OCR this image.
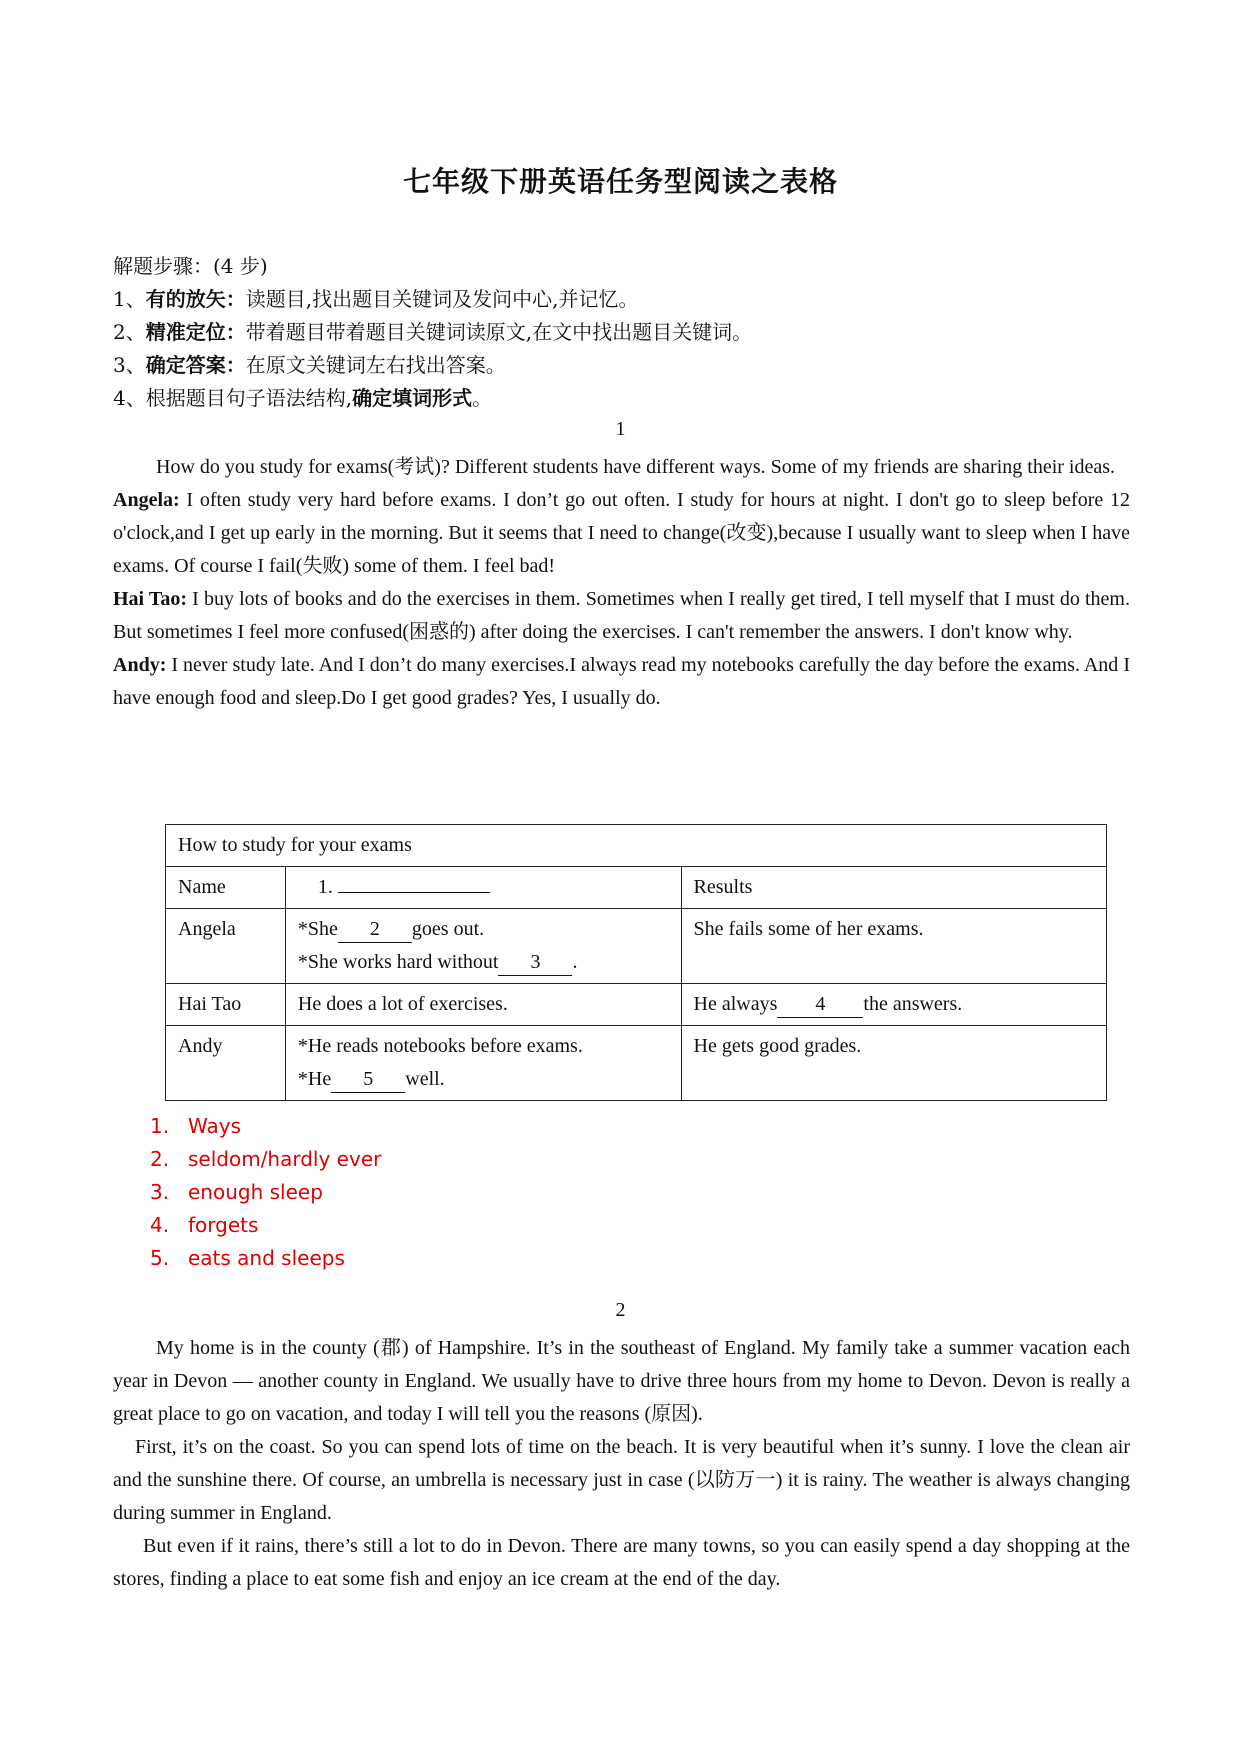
七年级下册英语任务型阅读之表格
解题步骤：(4 步)
1、有的放矢：读题目,找出题目关键词及发问中心,并记忆。
2、精准定位：带着题目带着题目关键词读原文,在文中找出题目关键词。
3、确定答案：在原文关键词左右找出答案。
4、根据题目句子语法结构,确定填词形式。
1

How do you study for exams(考试)? Different students have different ways. Some of my friends are sharing their ideas.

Angela: I often study very hard before exams. I don’t go out often. I study for hours at night. I don't go to sleep before 12 o'clock,and I get up early in the morning. But it seems that I need to change(改变),because I usually want to sleep when I have exams. Of course I fail(失败) some of them. I feel bad!

Hai Tao: I buy lots of books and do the exercises in them. Sometimes when I really get tired, I tell myself that I must do them. But sometimes I feel more confused(困惑的) after doing the exercises. I can't remember the answers. I don't know why.

Andy: I never study late. And I don’t do many exercises.I always read my notebooks carefully the day before the exams. And I have enough food and sleep.Do I get good grades? Yes, I usually do.

How to study for your exams		
Name	1.	Results
Angela	*She 2 goes out.
*She works hard without 3 .	She fails some of her exams.
Hai Tao	He does a lot of exercises.	He always 4 the answers.
Andy	*He reads notebooks before exams.
*He 5 well.	He gets good grades.
1. Ways
2. seldom/hardly ever
3. enough sleep
4. forgets
5. eats and sleeps
2

My home is in the county (郡) of Hampshire. It’s in the southeast of England. My family take a summer vacation each year in Devon — another county in England. We usually have to drive three hours from my home to Devon. Devon is really a great place to go on vacation, and today I will tell you the reasons (原因).

First, it’s on the coast. So you can spend lots of time on the beach. It is very beautiful when it’s sunny. I love the clean air and the sunshine there. Of course, an umbrella is necessary just in case (以防万一) it is rainy. The weather is always changing during summer in England.

But even if it rains, there’s still a lot to do in Devon. There are many towns, so you can easily spend a day shopping at the stores, finding a place to eat some fish and enjoy an ice cream at the end of the day.
